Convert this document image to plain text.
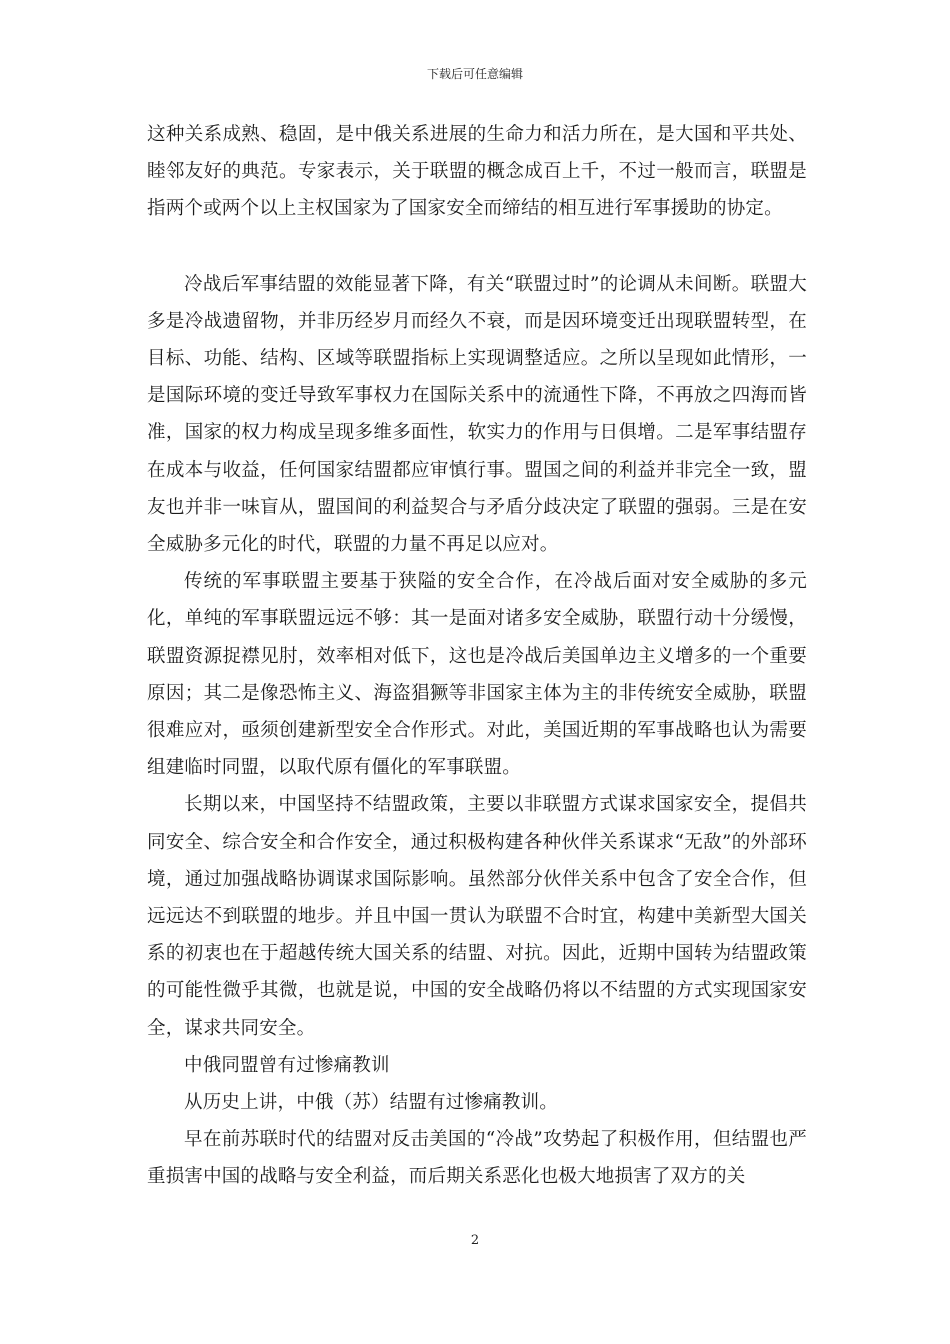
下载后可任意编辑

这种关系成熟、稳固，是中俄关系进展的生命力和活力所在，是大国和平共处、睦邻友好的典范。专家表示，关于联盟的概念成百上千，不过一般而言，联盟是指两个或两个以上主权国家为了国家安全而缔结的相互进行军事援助的协定。

冷战后军事结盟的效能显著下降，有关“联盟过时”的论调从未间断。联盟大多是冷战遗留物，并非历经岁月而经久不衰，而是因环境变迁出现联盟转型，在目标、功能、结构、区域等联盟指标上实现调整适应。之所以呈现如此情形，一是国际环境的变迁导致军事权力在国际关系中的流通性下降，不再放之四海而皆准，国家的权力构成呈现多维多面性，软实力的作用与日俱增。二是军事结盟存在成本与收益，任何国家结盟都应审慎行事。盟国之间的利益并非完全一致，盟友也并非一味盲从，盟国间的利益契合与矛盾分歧决定了联盟的强弱。三是在安全威胁多元化的时代，联盟的力量不再足以应对。

传统的军事联盟主要基于狭隘的安全合作，在冷战后面对安全威胁的多元化，单纯的军事联盟远远不够：其一是面对诸多安全威胁，联盟行动十分缓慢，联盟资源捉襟见肘，效率相对低下，这也是冷战后美国单边主义增多的一个重要原因；其二是像恐怖主义、海盗猖獗等非国家主体为主的非传统安全威胁，联盟很难应对，亟须创建新型安全合作形式。对此，美国近期的军事战略也认为需要组建临时同盟，以取代原有僵化的军事联盟。

长期以来，中国坚持不结盟政策，主要以非联盟方式谋求国家安全，提倡共同安全、综合安全和合作安全，通过积极构建各种伙伴关系谋求“无敌”的外部环境，通过加强战略协调谋求国际影响。虽然部分伙伴关系中包含了安全合作，但远远达不到联盟的地步。并且中国一贯认为联盟不合时宜，构建中美新型大国关系的初衷也在于超越传统大国关系的结盟、对抗。因此，近期中国转为结盟政策的可能性微乎其微，也就是说，中国的安全战略仍将以不结盟的方式实现国家安全，谋求共同安全。

中俄同盟曾有过惨痛教训

从历史上讲，中俄（苏）结盟有过惨痛教训。

早在前苏联时代的结盟对反击美国的“冷战”攻势起了积极作用，但结盟也严重损害中国的战略与安全利益，而后期关系恶化也极大地损害了双方的关

2
